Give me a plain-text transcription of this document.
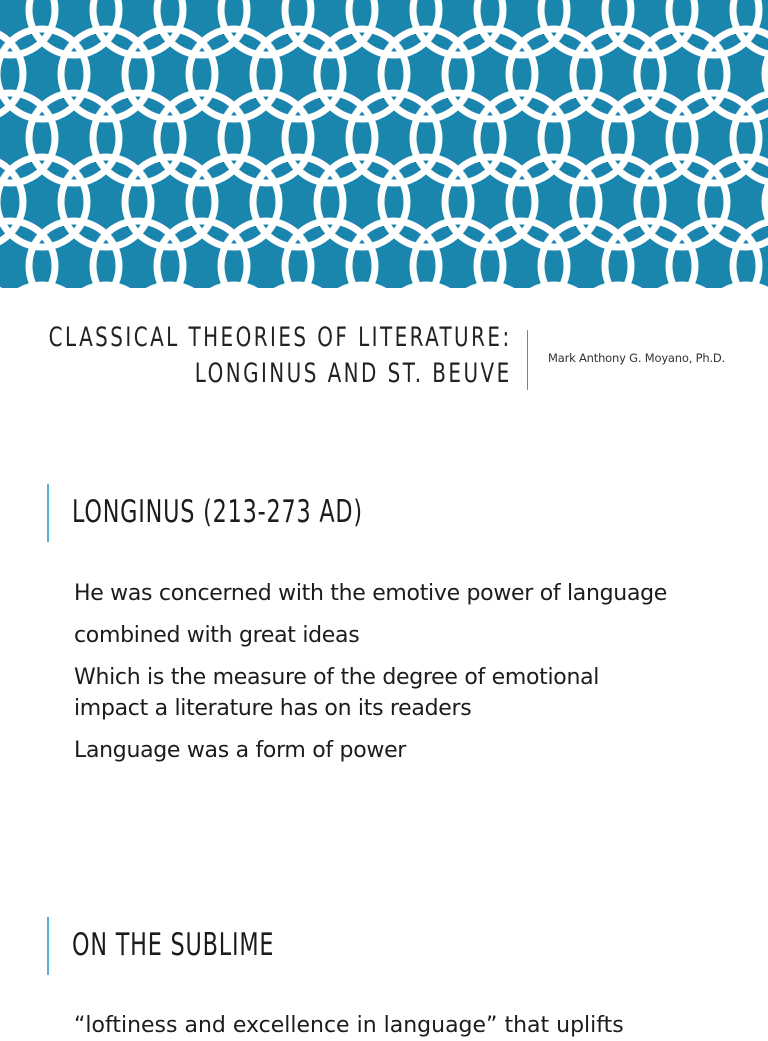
CLASSICAL THEORIES OF LITERATURE:
LONGINUS AND ST. BEUVE	Mark Anthony G. Moyano, Ph.D.
LONGINUS (213-273 AD)
He was concerned with the emotive power of language
combined with great ideas
Which is the measure of the degree of emotional impact a literature has on its readers
Language was a form of power
ON THE SUBLIME
“loftiness and excellence in language” that uplifts
